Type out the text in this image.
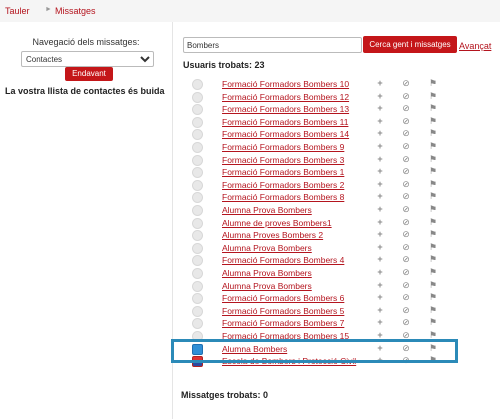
Tauler ► Missatges
Navegació dels missatges:
Contactes
Endavant
La vostra llista de contactes és buida
Bombers
Cerca gent i missatges Avançat
Usuaris trobats: 23
Formació Formadors Bombers 10	+ ⊘ ⚑
Formació Formadors Bombers 12	+ ⊘ ⚑
Formació Formadors Bombers 13	+ ⊘ ⚑
Formació Formadors Bombers 11	+ ⊘ ⚑
Formació Formadors Bombers 14	+ ⊘ ⚑
Formació Formadors Bombers 9	+ ⊘ ⚑
Formació Formadors Bombers 3	+ ⊘ ⚑
Formació Formadors Bombers 1	+ ⊘ ⚑
Formació Formadors Bombers 2	+ ⊘ ⚑
Formació Formadors Bombers 8	+ ⊘ ⚑
Alumna Prova Bombers	+ ⊘ ⚑
Alumne de proves Bombers1	+ ⊘ ⚑
Alumna Proves Bombers 2	+ ⊘ ⚑
Alumna Prova Bombers	+ ⊘ ⚑
Formació Formadors Bombers 4	+ ⊘ ⚑
Alumna Prova Bombers	+ ⊘ ⚑
Alumna Prova Bombers	+ ⊘ ⚑
Formació Formadors Bombers 6	+ ⊘ ⚑
Formació Formadors Bombers 5	+ ⊘ ⚑
Formació Formadors Bombers 7	+ ⊘ ⚑
Formació Formadors Bombers 15	+ ⊘ ⚑
Alumna Bombers	+ ⊘ ⚑
Escola de Bombers i Protecció Civil + ⊘ ⚑
Missatges trobats: 0
